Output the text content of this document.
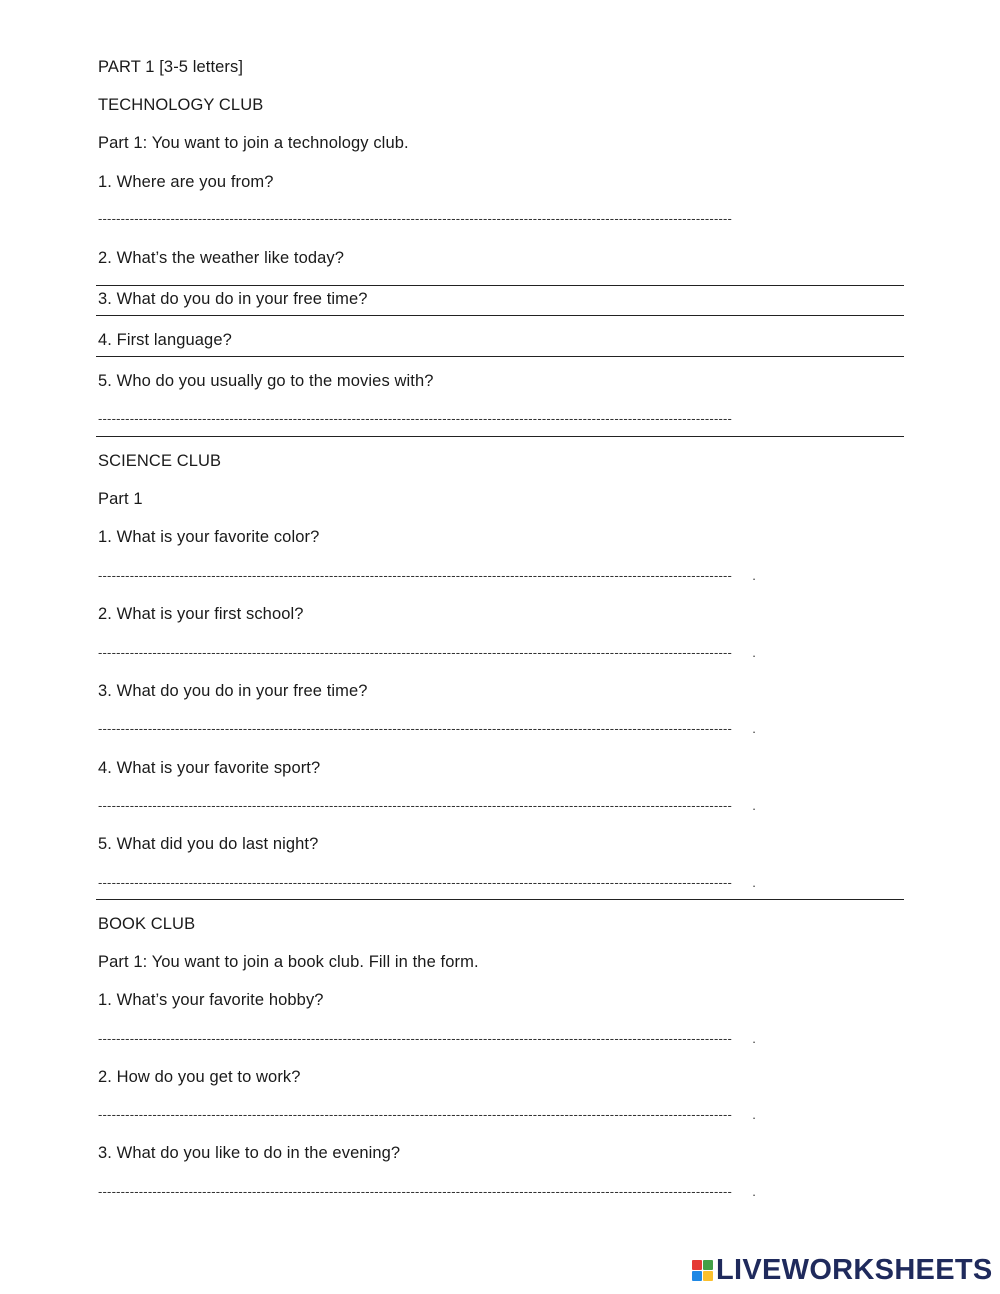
PART 1 [3-5 letters]
TECHNOLOGY CLUB
Part 1: You want to join a technology club.
1. Where are you from?
--------------------------------------------------------------------------------------------------------------------------------------------
2. What’s the weather like today?
3. What do you do in your free time?
4. First language?
5. Who do you usually go to the movies with?
--------------------------------------------------------------------------------------------------------------------------------------------
SCIENCE CLUB
Part 1
1. What is your favorite color?
-------------------------------------------------------------------------------------------------------------------------------------------- .
2. What is your first school?
-------------------------------------------------------------------------------------------------------------------------------------------- .
3. What do you do in your free time?
-------------------------------------------------------------------------------------------------------------------------------------------- .
4. What is your favorite sport?
-------------------------------------------------------------------------------------------------------------------------------------------- .
5. What did you do last night?
-------------------------------------------------------------------------------------------------------------------------------------------- .
BOOK CLUB
Part 1: You want to join a book club. Fill in the form.
1. What’s your favorite hobby?
-------------------------------------------------------------------------------------------------------------------------------------------- .
2. How do you get to work?
-------------------------------------------------------------------------------------------------------------------------------------------- .
3. What do you like to do in the evening?
-------------------------------------------------------------------------------------------------------------------------------------------- .
LIVEWORKSHEETS
